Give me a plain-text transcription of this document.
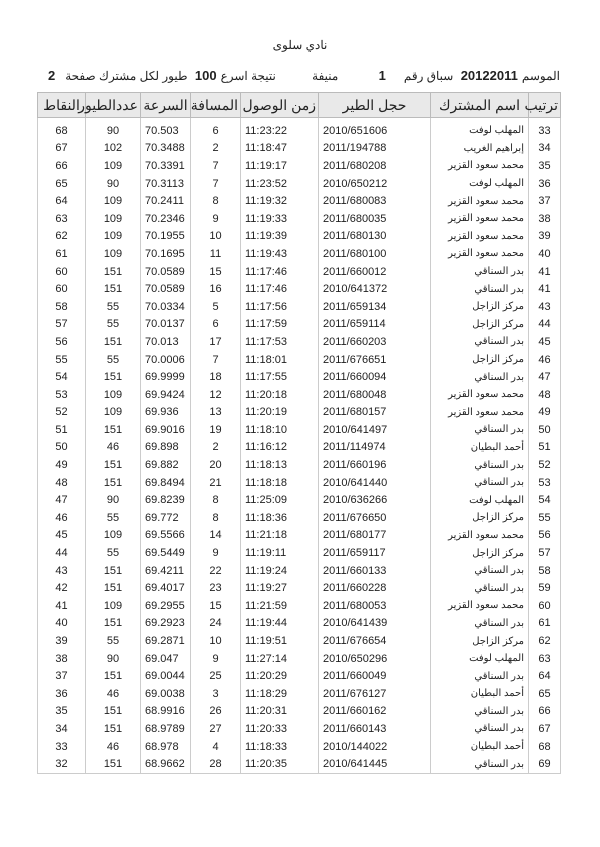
نادي سلوى
الموسم20122011 سباق رقم1
منيفة
نتيجة اسرع100 طيور لكل مشترك صفحة2
ترتيب	اسم المشترك	حجل الطير	زمن الوصول	المسافة	السرعة	عددالطيور	النقاط
33	المهلب لوفت	2010/651606	11:23:22	6	70.503	90	68
34	إبراهيم الغريب	2011/194788	11:18:47	2	70.3488	102	67
35	محمد سعود القزير	2011/680208	11:19:17	7	70.3391	109	66
36	المهلب لوفت	2010/650212	11:23:52	7	70.3113	90	65
37	محمد سعود القزير	2011/680083	11:19:32	8	70.2411	109	64
38	محمد سعود القزير	2011/680035	11:19:33	9	70.2346	109	63
39	محمد سعود القزير	2011/680130	11:19:39	10	70.1955	109	62
40	محمد سعود القزير	2011/680100	11:19:43	11	70.1695	109	61
41	بدر السناقي	2011/660012	11:17:46	15	70.0589	151	60
41	بدر السناقي	2010/641372	11:17:46	16	70.0589	151	60
43	مركز الزاجل	2011/659134	11:17:56	5	70.0334	55	58
44	مركز الزاجل	2011/659114	11:17:59	6	70.0137	55	57
45	بدر السناقي	2011/660203	11:17:53	17	70.013	151	56
46	مركز الزاجل	2011/676651	11:18:01	7	70.0006	55	55
47	بدر السناقي	2011/660094	11:17:55	18	69.9999	151	54
48	محمد سعود القزير	2011/680048	11:20:18	12	69.9424	109	53
49	محمد سعود القزير	2011/680157	11:20:19	13	69.936	109	52
50	بدر السناقي	2010/641497	11:18:10	19	69.9016	151	51
51	أحمد البطيان	2011/114974	11:16:12	2	69.898	46	50
52	بدر السناقي	2011/660196	11:18:13	20	69.882	151	49
53	بدر السناقي	2010/641440	11:18:18	21	69.8494	151	48
54	المهلب لوفت	2010/636266	11:25:09	8	69.8239	90	47
55	مركز الزاجل	2011/676650	11:18:36	8	69.772	55	46
56	محمد سعود القزير	2011/680177	11:21:18	14	69.5566	109	45
57	مركز الزاجل	2011/659117	11:19:11	9	69.5449	55	44
58	بدر السناقي	2011/660133	11:19:24	22	69.4211	151	43
59	بدر السناقي	2011/660228	11:19:27	23	69.4017	151	42
60	محمد سعود القزير	2011/680053	11:21:59	15	69.2955	109	41
61	بدر السناقي	2010/641439	11:19:44	24	69.2923	151	40
62	مركز الزاجل	2011/676654	11:19:51	10	69.2871	55	39
63	المهلب لوفت	2010/650296	11:27:14	9	69.047	90	38
64	بدر السناقي	2011/660049	11:20:29	25	69.0044	151	37
65	أحمد البطيان	2011/676127	11:18:29	3	69.0038	46	36
66	بدر السناقي	2011/660162	11:20:31	26	68.9916	151	35
67	بدر السناقي	2011/660143	11:20:33	27	68.9789	151	34
68	أحمد البطيان	2010/144022	11:18:33	4	68.978	46	33
69	بدر السناقي	2010/641445	11:20:35	28	68.9662	151	32
